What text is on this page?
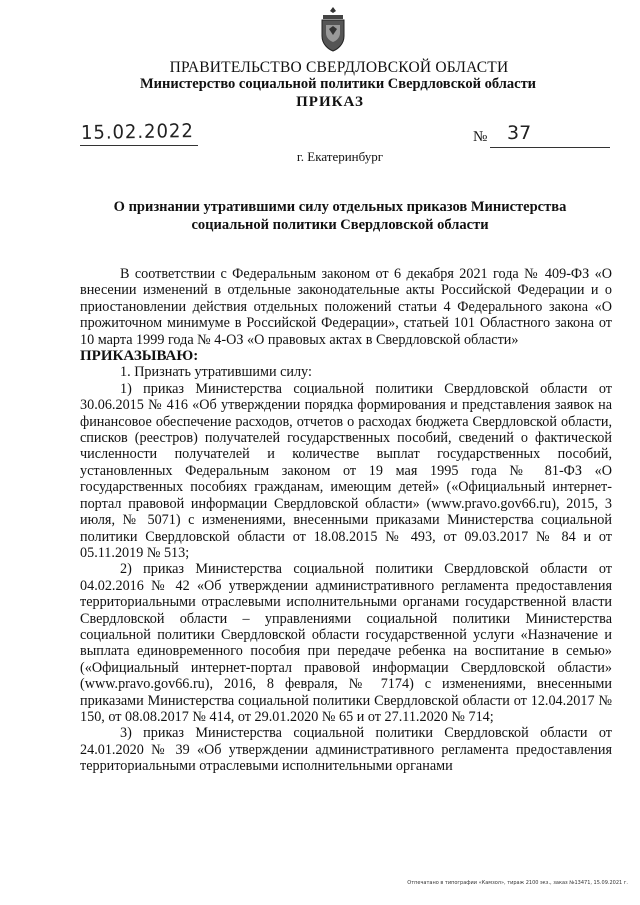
ПРАВИТЕЛЬСТВО СВЕРДЛОВСКОЙ ОБЛАСТИ
Министерство социальной политики Свердловской области
ПРИКАЗ
15.02.2022	№ 37
г. Екатеринбург
О признании утратившими силу отдельных приказов Министерства
социальной политики Свердловской области

В соответствии с Федеральным законом от 6 декабря 2021 года № 409-ФЗ «О внесении изменений в отдельные законодательные акты Российской Федерации и о приостановлении действия отдельных положений статьи 4 Федерального закона «О прожиточном минимуме в Российской Федерации», статьей 101 Областного закона от 10 марта 1999 года № 4-ОЗ «О правовых актах в Свердловской области»

ПРИКАЗЫВАЮ:

1. Признать утратившими силу:

1) приказ Министерства социальной политики Свердловской области от 30.06.2015 № 416 «Об утверждении порядка формирования и представления заявок на финансовое обеспечение расходов, отчетов о расходах бюджета Свердловской области, списков (реестров) получателей государственных пособий, сведений о фактической численности получателей и количестве выплат государственных пособий, установленных Федеральным законом от 19 мая 1995 года № 81-ФЗ «О государственных пособиях гражданам, имеющим детей» («Официальный интернет-портал правовой информации Свердловской области» (www.pravo.gov66.ru), 2015, 3 июля, № 5071) с изменениями, внесенными приказами Министерства социальной политики Свердловской области от 18.08.2015 № 493, от 09.03.2017 № 84 и от 05.11.2019 № 513;

2) приказ Министерства социальной политики Свердловской области от 04.02.2016 № 42 «Об утверждении административного регламента предоставления территориальными отраслевыми исполнительными органами государственной власти Свердловской области – управлениями социальной политики Министерства социальной политики Свердловской области государственной услуги «Назначение и выплата единовременного пособия при передаче ребенка на воспитание в семью» («Официальный интернет-портал правовой информации Свердловской области» (www.pravo.gov66.ru), 2016, 8 февраля, № 7174) с изменениями, внесенными приказами Министерства социальной политики Свердловской области от 12.04.2017 № 150, от 08.08.2017 № 414, от 29.01.2020 № 65 и от 27.11.2020 № 714;

3) приказ Министерства социальной политики Свердловской области от 24.01.2020 № 39 «Об утверждении административного регламента предоставления территориальными отраслевыми исполнительными органами

Отпечатано в типографии «Камзол», тираж 2100 экз., заказ №13471, 15.09.2021 г.
